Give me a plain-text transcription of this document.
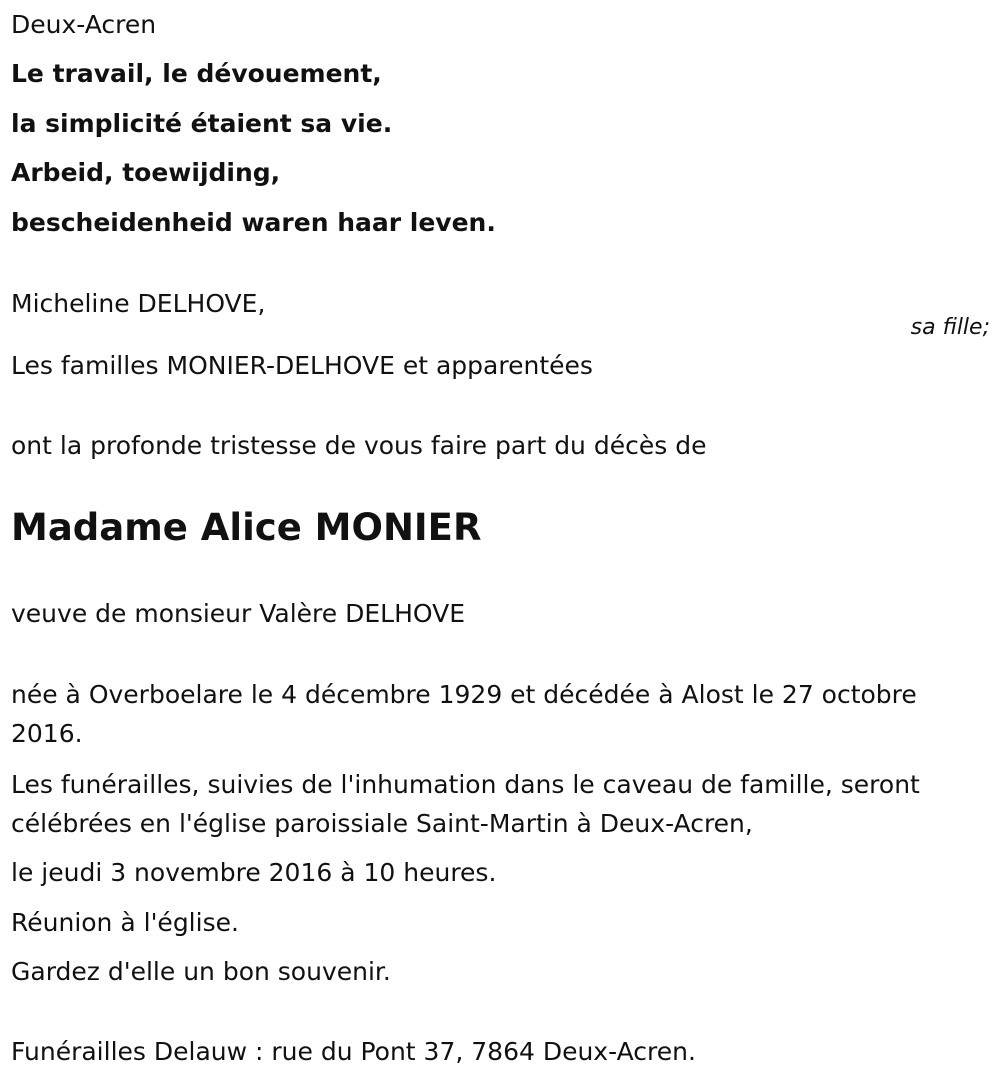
Deux-Acren
Le travail, le dévouement,
la simplicité étaient sa vie.
Arbeid, toewijding,
bescheidenheid waren haar leven.
Micheline DELHOVE,
sa fille;
Les familles MONIER-DELHOVE et apparentées
ont la profonde tristesse de vous faire part du décès de
Madame Alice MONIER
veuve de monsieur Valère DELHOVE
née à Overboelare le 4 décembre 1929 et décédée à Alost le 27 octobre 2016.
Les funérailles, suivies de l'inhumation dans le caveau de famille, seront célébrées en l'église paroissiale Saint-Martin à Deux-Acren,
le jeudi 3 novembre 2016 à 10 heures.
Réunion à l'église.
Gardez d'elle un bon souvenir.
Funérailles Delauw : rue du Pont 37, 7864 Deux-Acren.
